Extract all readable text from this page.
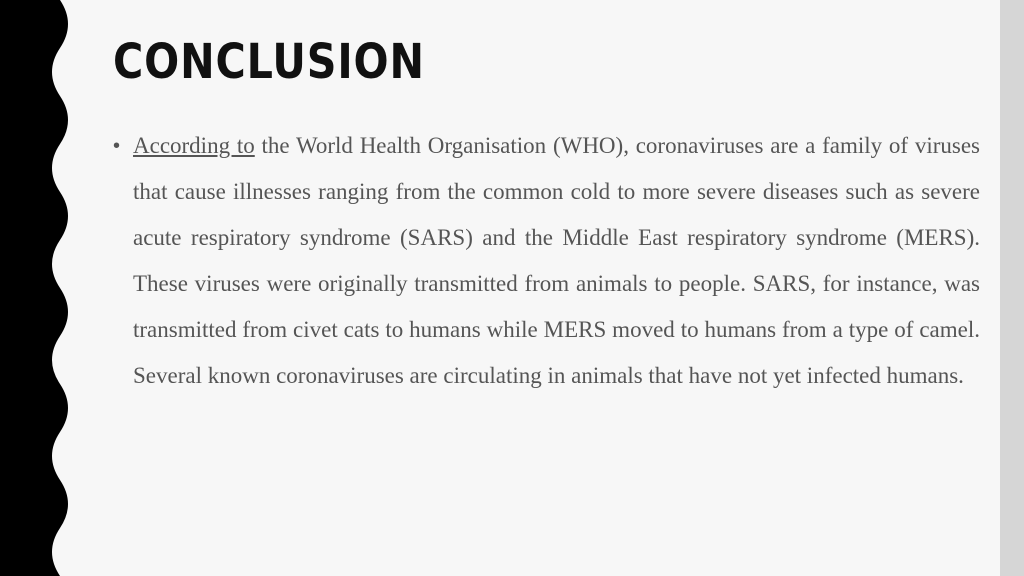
CONCLUSION
• According to the World Health Organisation (WHO), coronaviruses are a family of viruses that cause illnesses ranging from the common cold to more severe diseases such as severe acute respiratory syndrome (SARS) and the Middle East respiratory syndrome (MERS). These viruses were originally transmitted from animals to people. SARS, for instance, was transmitted from civet cats to humans while MERS moved to humans from a type of camel. Several known coronaviruses are circulating in animals that have not yet infected humans.
